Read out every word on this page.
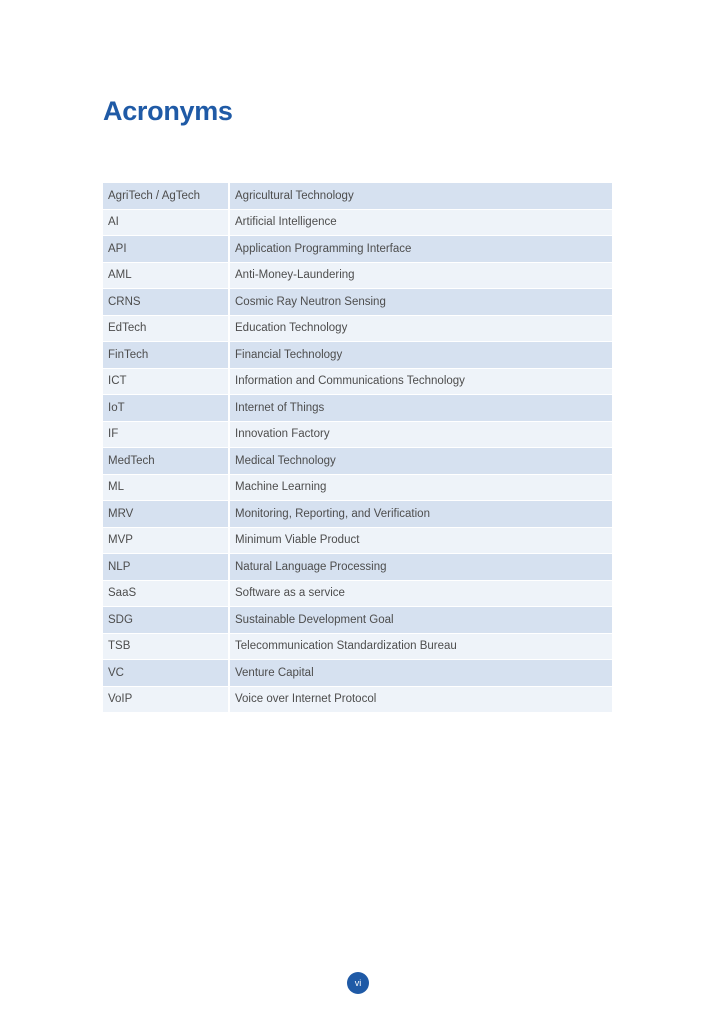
Acronyms
AgriTech / AgTech	Agricultural Technology
AI	Artificial Intelligence
API	Application Programming Interface
AML	Anti-Money-Laundering
CRNS	Cosmic Ray Neutron Sensing
EdTech	Education Technology
FinTech	Financial Technology
ICT	Information and Communications Technology
IoT	Internet of Things
IF	Innovation Factory
MedTech	Medical Technology
ML	Machine Learning
MRV	Monitoring, Reporting, and Verification
MVP	Minimum Viable Product
NLP	Natural Language Processing
SaaS	Software as a service
SDG	Sustainable Development Goal
TSB	Telecommunication Standardization Bureau
VC	Venture Capital
VoIP	Voice over Internet Protocol
vi
